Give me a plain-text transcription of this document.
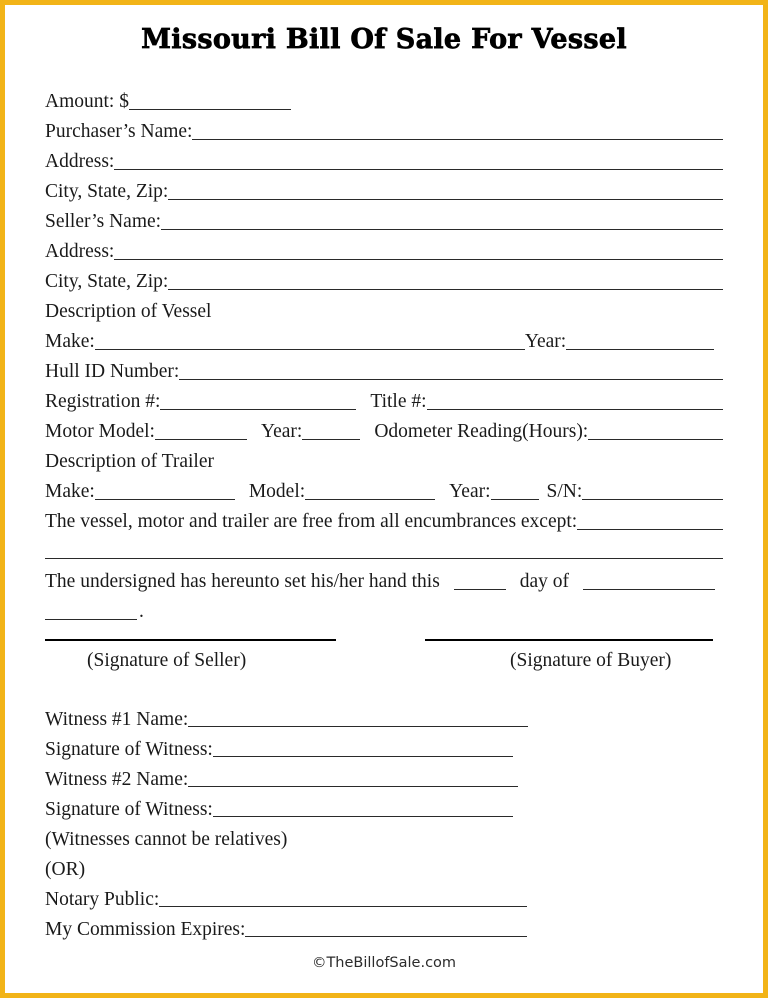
Missouri Bill Of Sale For Vessel
Amount: $
Purchaser’s Name:
Address:
City, State, Zip:
Seller’s Name:
Address:
City, State, Zip:
Description of Vessel
Make:	Year:
Hull ID Number:
Registration #:	Title #:
Motor Model:	Year:	Odometer Reading(Hours):
Description of Trailer
Make:	Model:	Year:	S/N:
The vessel, motor and trailer are free from all encumbrances except:
The undersigned has hereunto set his/her hand this	day of
.
(Signature of Seller)	(Signature of Buyer)
Witness #1 Name:
Signature of Witness:
Witness #2 Name:
Signature of Witness:
(Witnesses cannot be relatives)
(OR)
Notary Public:
My Commission Expires:
©TheBillofSale.com
